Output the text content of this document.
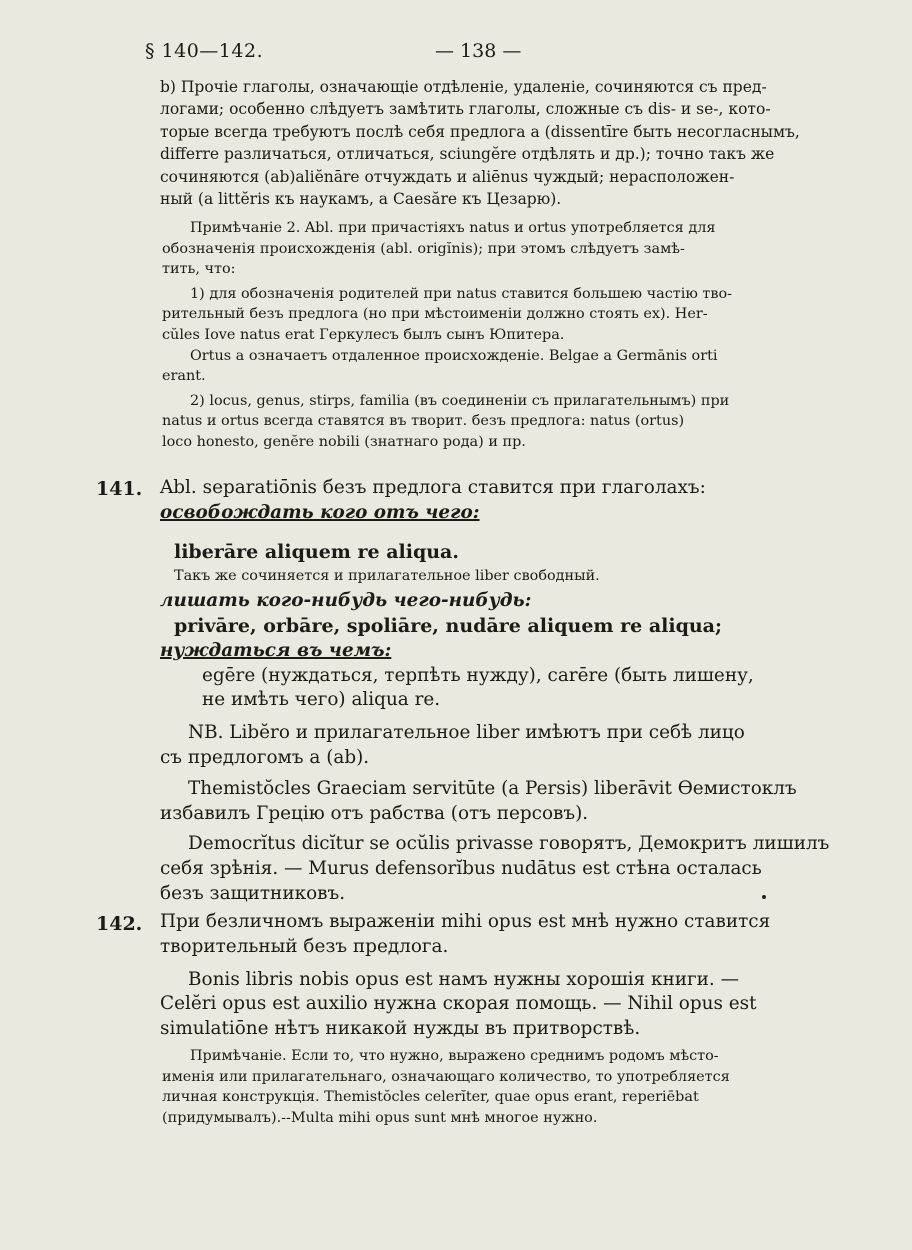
§ 140—142.	— 138 —
b) Прочіе глаголы, означающіе отдѣленіе, удаленіе, сочиняются съ пред-
логами; особенно слѣдуетъ замѣтить глаголы, сложные съ dis- и se-, кото-
торые всегда требуютъ послѣ себя предлога a (dissentīre быть несогласнымъ,
differre различаться, отличаться, sciungĕre отдѣлять и др.); точно такъ же
сочиняются (ab)aliĕnāre отчуждать и aliēnus чуждый; нерасположен-
ный (a littĕris къ наукамъ, a Caesăre къ Цезарю).
Примѣчаніе 2. Abl. при причастіяхъ natus и ortus употребляется для
обозначенія происхожденія (abl. origĭnis); при этомъ слѣдуетъ замѣ-
тить, что:
1) для обозначенія родителей при natus ставится большею частію тво-
рительный безъ предлога (но при мѣстоименіи должно стоять ex). Her-
cŭles Iove natus erat Геркулесъ былъ сынъ Юпитера.
Ortus a означаетъ отдаленное происхожденіе. Belgae a Germānis orti
erant.
2) locus, genus, stirps, familia (въ соединеніи съ прилагательнымъ) при
natus и ortus всегда ставятся въ творит. безъ предлога: natus (ortus)
loco honesto, genĕre nobili (знатнаго рода) и пр.
141. Abl. separatiōnis безъ предлога ставится при глаголахъ:
освобождать кого отъ чего:
liberāre aliquem re aliqua.
Такъ же сочиняется и прилагательное liber свободный.
лишать кого-нибудь чего-нибудь:
privāre, orbāre, spoliāre, nudāre aliquem re aliqua;
нуждаться въ чемъ:
egēre (нуждаться, терпѣть нужду), carēre (быть лишену,
не имѣть чего) aliqua re.
NB. Libĕro и прилагательное liber имѣютъ при себѣ лицо
съ предлогомъ a (ab).
Themistŏcles Graeciam servitūte (a Persis) liberāvit Ѳемистоклъ
избавилъ Грецію отъ рабства (отъ персовъ).
Democrĭtus dicĭtur se ocŭlis privasse говорятъ, Демокритъ лишилъ
себя зрѣнія. — Murus defensorĭbus nudātus est стѣна осталась
безъ защитниковъ.
142. При безличномъ выраженіи mihi opus est мнѣ нужно ставится
творительный безъ предлога.
Bonis libris nobis opus est намъ нужны хорошія книги. —
Celĕri opus est auxilio нужна скорая помощь. — Nihil opus est
simulatiōne нѣтъ никакой нужды въ притворствѣ.
Примѣчаніе. Если то, что нужно, выражено среднимъ родомъ мѣсто-
именія или прилагательнаго, означающаго количество, то употребляется
личная конструкція. Themistŏcles celerĭter, quae opus erant, reperiēbat
(придумывалъ).--Multa mihi opus sunt мнѣ многое нужно.
